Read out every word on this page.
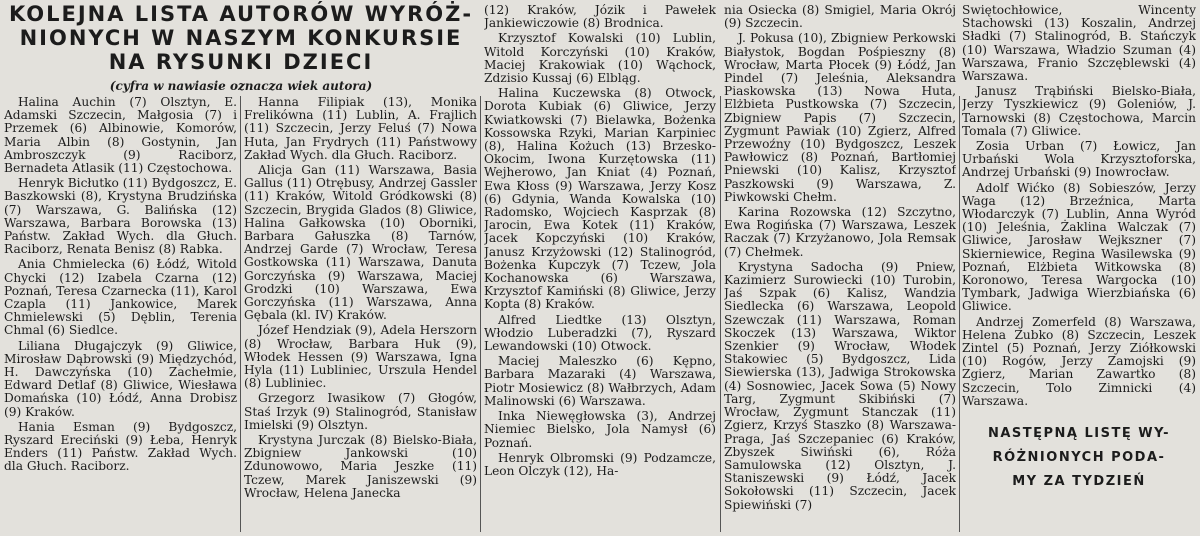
KOLEJNA LISTA AUTORÓW WYRÓŻ-
NIONYCH W NASZYM KONKURSIE
NA RYSUNKI DZIECI
(cyfra w nawiasie oznacza wiek autora)

Halina Auchin (7) Olsztyn, E. Adamski Szczecin, Małgosia (7) i Przemek (6) Albinowie, Komorów, Maria Albin (8) Gostynin, Jan Ambroszczyk (9) Raciborz, Bernadeta Atlasik (11) Częstochowa.

Henryk Bicłutko (11) Bydgoszcz, E. Baszkowski (8), Krystyna Brudzińska (7) Warszawa, G. Balińska (12) Warszawa, Barbara Borowska (13) Państw. Zakład Wych. dla Głuch. Raciborz, Renata Benisz (8) Rabka.

Ania Chmielecka (6) Łódź, Witold Chycki (12) Izabela Czarna (12) Poznań, Teresa Czarnecka (11), Karol Czapla (11) Jankowice, Marek Chmielewski (5) Dęblin, Terenia Chmal (6) Siedlce.

Liliana Długajczyk (9) Gliwice, Mirosław Dąbrowski (9) Międzychód, H. Dawczyńska (10) Zachełmie, Edward Detlaf (8) Gliwice, Wiesława Domańska (10) Łódź, Anna Drobisz (9) Kraków.

Hania Esman (9) Bydgoszcz, Ryszard Ereciński (9) Łeba, Henryk Enders (11) Państw. Zakład Wych. dla Głuch. Raciborz.

Hanna Filipiak (13), Monika Frelikówna (11) Lublin, A. Frajlich (11) Szczecin, Jerzy Feluś (7) Nowa Huta, Jan Frydrych (11) Państwowy Zakład Wych. dla Głuch. Raciborz.

Alicja Gan (11) Warszawa, Basia Gallus (11) Otrębusy, Andrzej Gassler (11) Kraków, Witold Gródkowski (8) Szczecin, Brygida Glados (8) Gliwice, Halina Gałkowska (10) Oborniki, Barbara Gałuszka (8) Tarnów, Andrzej Garde (7) Wrocław, Teresa Gostkowska (11) Warszawa, Danuta Gorczyńska (9) Warszawa, Maciej Grodzki (10) Warszawa, Ewa Gorczyńska (11) Warszawa, Anna Gębala (kl. IV) Kraków.

Józef Hendziak (9), Adela Herszorn (8) Wrocław, Barbara Huk (9), Włodek Hessen (9) Warszawa, Igna Hyla (11) Lubliniec, Urszula Hendel (8) Lubliniec.

Grzegorz Iwasikow (7) Głogów, Staś Irzyk (9) Stalinogród, Stanisław Imielski (9) Olsztyn.

Krystyna Jurczak (8) Bielsko-Biała, Zbigniew Jankowski (10) Zdunowowo, Maria Jeszke (11) Tczew, Marek Janiszewski (9) Wrocław, Helena Janecka

(12) Kraków, Józik i Pawełek Jankiewiczowie (8) Brodnica.

Krzysztof Kowalski (10) Lublin, Witold Korczyński (10) Kraków, Maciej Krakowiak (10) Wąchock, Zdzisio Kussaj (6) Elbląg.

Halina Kuczewska (8) Otwock, Dorota Kubiak (6) Gliwice, Jerzy Kwiatkowski (7) Bielawka, Bożenka Kossowska Rzyki, Marian Karpiniec (8), Halina Kożuch (13) Brzesko-Okocim, Iwona Kurzętowska (11) Wejherowo, Jan Kniat (4) Poznań, Ewa Kłoss (9) Warszawa, Jerzy Kosz (6) Gdynia, Wanda Kowalska (10) Radomsko, Wojciech Kasprzak (8) Jarocin, Ewa Kotek (11) Kraków, Jacek Kopczyński (10) Kraków, Janusz Krzyżowski (12) Stalinogród, Bożenka Kupczyk (7) Tczew, Jola Kochanowska (6) Warszawa, Krzysztof Kamiński (8) Gliwice, Jerzy Kopta (8) Kraków.

Alfred Liedtke (13) Olsztyn, Włodzio Luberadzki (7), Ryszard Lewandowski (10) Otwock.

Maciej Maleszko (6) Kępno, Barbara Mazaraki (4) Warszawa, Piotr Mosiewicz (8) Wałbrzych, Adam Malinowski (6) Warszawa.

Inka Niewęgłowska (3), Andrzej Niemiec Bielsko, Jola Namysł (6) Poznań.

Henryk Olbromski (9) Podzamcze, Leon Olczyk (12), Ha-

nia Osiecka (8) Śmigiel, Maria Okrój (9) Szczecin.

J. Pokusa (10), Zbigniew Perkowski Białystok, Bogdan Pośpieszny (8) Wrocław, Marta Płocek (9) Łódź, Jan Pindel (7) Jeleśnia, Aleksandra Piaskowska (13) Nowa Huta, Elżbieta Pustkowska (7) Szczecin, Zbigniew Papis (7) Szczecin, Zygmunt Pawiak (10) Zgierz, Alfred Przewoźny (10) Bydgoszcz, Leszek Pawłowicz (8) Poznań, Bartłomiej Pniewski (10) Kalisz, Krzysztof Paszkowski (9) Warszawa, Z. Piwkowski Chełm.

Karina Rozowska (12) Szczytno, Ewa Rogińska (7) Warszawa, Leszek Raczak (7) Krzyżanowo, Jola Remsak (7) Chełmek.

Krystyna Sadocha (9) Pniew, Kazimierz Surowiecki (10) Turobin, Jaś Szpak (6) Kalisz, Wandzia Siedlecka (6) Warszawa, Leopold Szewczak (11) Warszawa, Roman Skoczek (13) Warszawa, Wiktor Szenkier (9) Wrocław, Włodek Stakowiec (5) Bydgoszcz, Lida Siewierska (13), Jadwiga Strokowska (4) Sosnowiec, Jacek Sowa (5) Nowy Targ, Zygmunt Skibiński (7) Wrocław, Zygmunt Stanczak (11) Zgierz, Krzyś Staszko (8) Warszawa-Praga, Jaś Szczepaniec (6) Kraków, Zbyszek Siwiński (6), Róża Samulowska (12) Olsztyn, J. Staniszewski (9) Łódź, Jacek Sokołowski (11) Szczecin, Jacek Spiewiński (7)

Świętochłowice, Wincenty Stachowski (13) Koszalin, Andrzej Sładki (7) Stalinogród, B. Stańczyk (10) Warszawa, Władzio Szuman (4) Warszawa, Franio Szczęblewski (4) Warszawa.

Janusz Trąbiński Bielsko-Biała, Jerzy Tyszkiewicz (9) Goleniów, J. Tarnowski (8) Częstochowa, Marcin Tomala (7) Gliwice.

Zosia Urban (7) Łowicz, Jan Urbański Wola Krzysztoforska, Andrzej Urbański (9) Inowrocław.

Adolf Wićko (8) Sobieszów, Jerzy Waga (12) Brzeźnica, Marta Włodarczyk (7) Lublin, Anna Wyród (10) Jeleśnia, Żaklina Walczak (7) Gliwice, Jarosław Wejkszner (7) Skierniewice, Regina Wasilewska (9) Poznań, Elżbieta Witkowska (8) Koronowo, Teresa Wargocka (10) Tymbark, Jadwiga Wierzbiańska (6) Gliwice.

Andrzej Zomerfeld (8) Warszawa, Helena Zubko (8) Szczecin, Leszek Zintel (5) Poznań, Jerzy Ziółkowski (10) Rogów, Jerzy Zamojski (9) Zgierz, Marian Zawartko (8) Szczecin, Tolo Zimnicki (4) Warszawa.

NASTĘPNĄ LISTĘ WY-
RÓŻNIONYCH PODA-
MY ZA TYDZIEŃ
